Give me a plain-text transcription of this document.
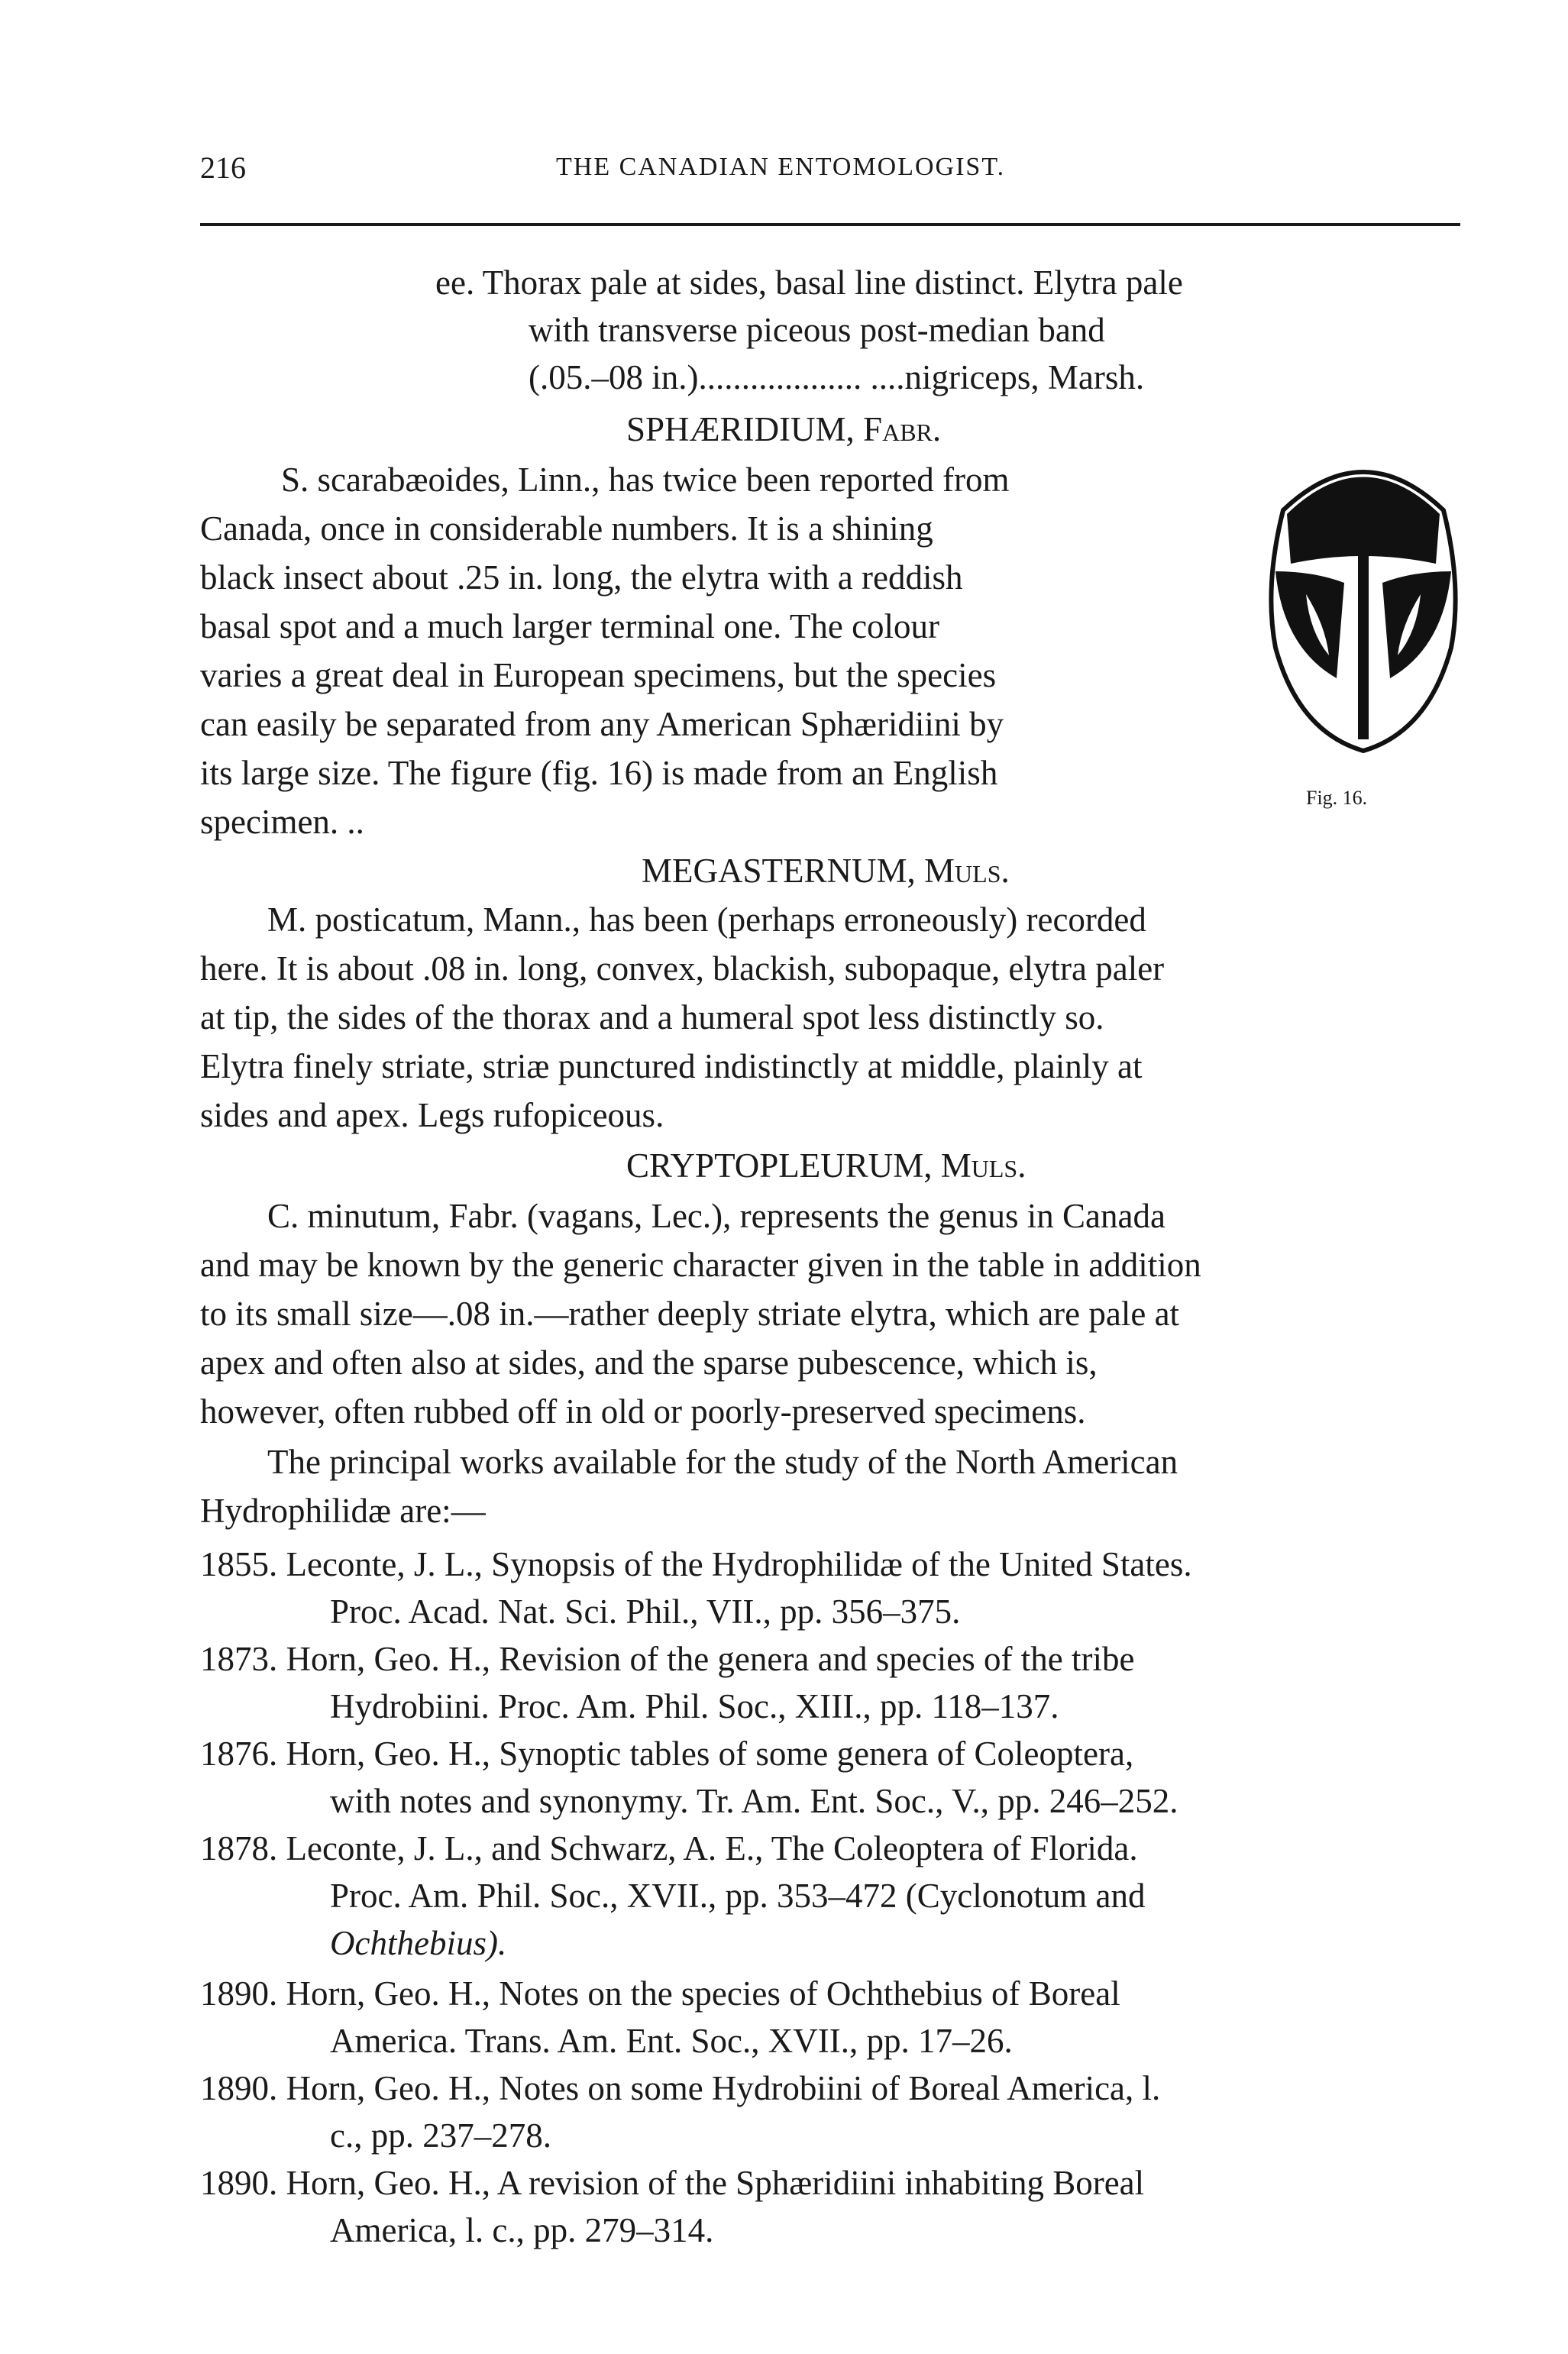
216	THE CANADIAN ENTOMOLOGIST.
ee. Thorax pale at sides, basal line distinct. Elytra pale
with transverse piceous post-median band
(.05.–08 in.)................... ....nigriceps, Marsh.
SPHÆRIDIUM, Fabr.
S. scarabæoides, Linn., has twice been reported from
Canada, once in considerable numbers. It is a shining
black insect about .25 in. long, the elytra with a reddish
basal spot and a much larger terminal one. The colour
varies a great deal in European specimens, but the species
can easily be separated from any American Sphæridiini by
its large size. The figure (fig. 16) is made from an English
specimen. ..
Fig. 16.
MEGASTERNUM, Muls.
M. posticatum, Mann., has been (perhaps erroneously) recorded
here. It is about .08 in. long, convex, blackish, subopaque, elytra paler
at tip, the sides of the thorax and a humeral spot less distinctly so.
Elytra finely striate, striæ punctured indistinctly at middle, plainly at
sides and apex. Legs rufopiceous.
CRYPTOPLEURUM, Muls.
C. minutum, Fabr. (vagans, Lec.), represents the genus in Canada
and may be known by the generic character given in the table in addition
to its small size—.08 in.—rather deeply striate elytra, which are pale at
apex and often also at sides, and the sparse pubescence, which is,
however, often rubbed off in old or poorly-preserved specimens.
The principal works available for the study of the North American
Hydrophilidæ are:—
1855. Leconte, J. L., Synopsis of the Hydrophilidæ of the United States.
Proc. Acad. Nat. Sci. Phil., VII., pp. 356–375.
1873. Horn, Geo. H., Revision of the genera and species of the tribe
Hydrobiini. Proc. Am. Phil. Soc., XIII., pp. 118–137.
1876. Horn, Geo. H., Synoptic tables of some genera of Coleoptera,
with notes and synonymy. Tr. Am. Ent. Soc., V., pp. 246–252.
1878. Leconte, J. L., and Schwarz, A. E., The Coleoptera of Florida.
Proc. Am. Phil. Soc., XVII., pp. 353–472 (Cyclonotum and
Ochthebius).
1890. Horn, Geo. H., Notes on the species of Ochthebius of Boreal
America. Trans. Am. Ent. Soc., XVII., pp. 17–26.
1890. Horn, Geo. H., Notes on some Hydrobiini of Boreal America, l.
c., pp. 237–278.
1890. Horn, Geo. H., A revision of the Sphæridiini inhabiting Boreal
America, l. c., pp. 279–314.
